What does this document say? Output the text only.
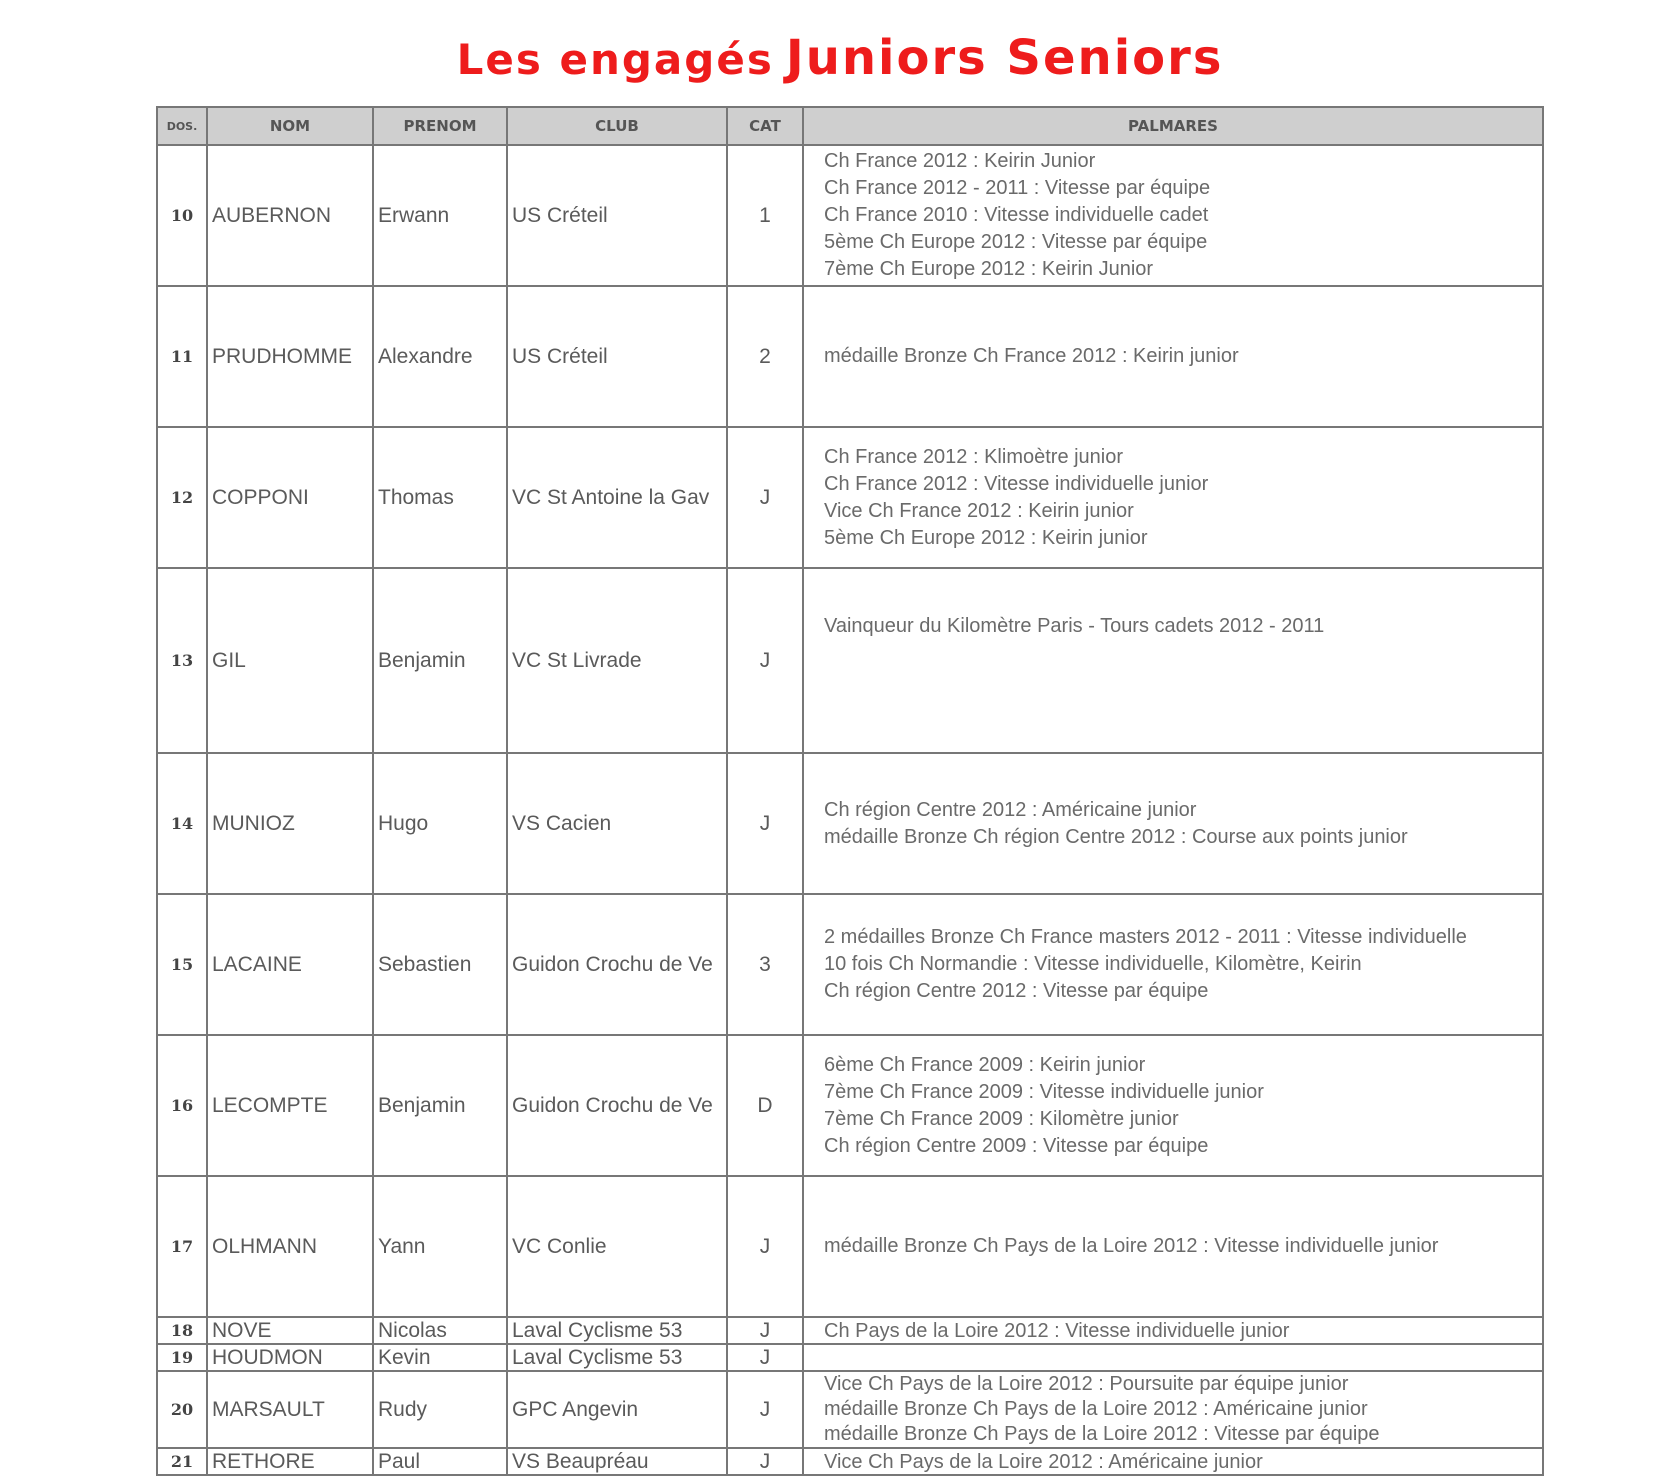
Les engagés Juniors Seniors
DOS.	NOM	PRENOM	CLUB	CAT	PALMARES
10	AUBERNON	Erwann	US Créteil	1	Ch France 2012 : Keirin Junior
Ch France 2012 - 2011 : Vitesse par équipe
Ch France 2010 : Vitesse individuelle cadet
5ème Ch Europe 2012 : Vitesse par équipe
7ème Ch Europe 2012 : Keirin Junior

11	PRUDHOMME	Alexandre	US Créteil	2	médaille Bronze Ch France 2012 : Keirin junior

12	COPPONI	Thomas	VC St Antoine la Gav	J	Ch France 2012 : Klimoètre junior
Ch France 2012 : Vitesse individuelle junior
Vice Ch France 2012 : Keirin junior
5ème Ch Europe 2012 : Keirin junior

13	GIL	Benjamin	VC St Livrade	J	Vainqueur du Kilomètre Paris - Tours cadets 2012 - 2011

14	MUNIOZ	Hugo	VS Cacien	J	Ch région Centre 2012 : Américaine junior
médaille Bronze Ch région Centre 2012 : Course aux points junior

15	LACAINE	Sebastien	Guidon Crochu de Ve	3	2 médailles Bronze Ch France masters 2012 - 2011 : Vitesse individuelle
10 fois Ch Normandie : Vitesse individuelle, Kilomètre, Keirin
Ch région Centre 2012 : Vitesse par équipe

16	LECOMPTE	Benjamin	Guidon Crochu de Ve	D	6ème Ch France 2009 : Keirin junior
7ème Ch France 2009 : Vitesse individuelle junior
7ème Ch France 2009 : Kilomètre junior
Ch région Centre 2009 : Vitesse par équipe

17	OLHMANN	Yann	VC Conlie	J	médaille Bronze Ch Pays de la Loire 2012 : Vitesse individuelle junior

18	NOVE	Nicolas	Laval Cyclisme 53	J	Ch Pays de la Loire 2012 : Vitesse individuelle junior

19	HOUDMON	Kevin	Laval Cyclisme 53	J	
20	MARSAULT	Rudy	GPC Angevin	J	Vice Ch Pays de la Loire 2012 : Poursuite par équipe junior
médaille Bronze Ch Pays de la Loire 2012 : Américaine junior
médaille Bronze Ch Pays de la Loire 2012 : Vitesse par équipe

21	RETHORE	Paul	VS Beaupréau	J	Vice Ch Pays de la Loire 2012 : Américaine junior
